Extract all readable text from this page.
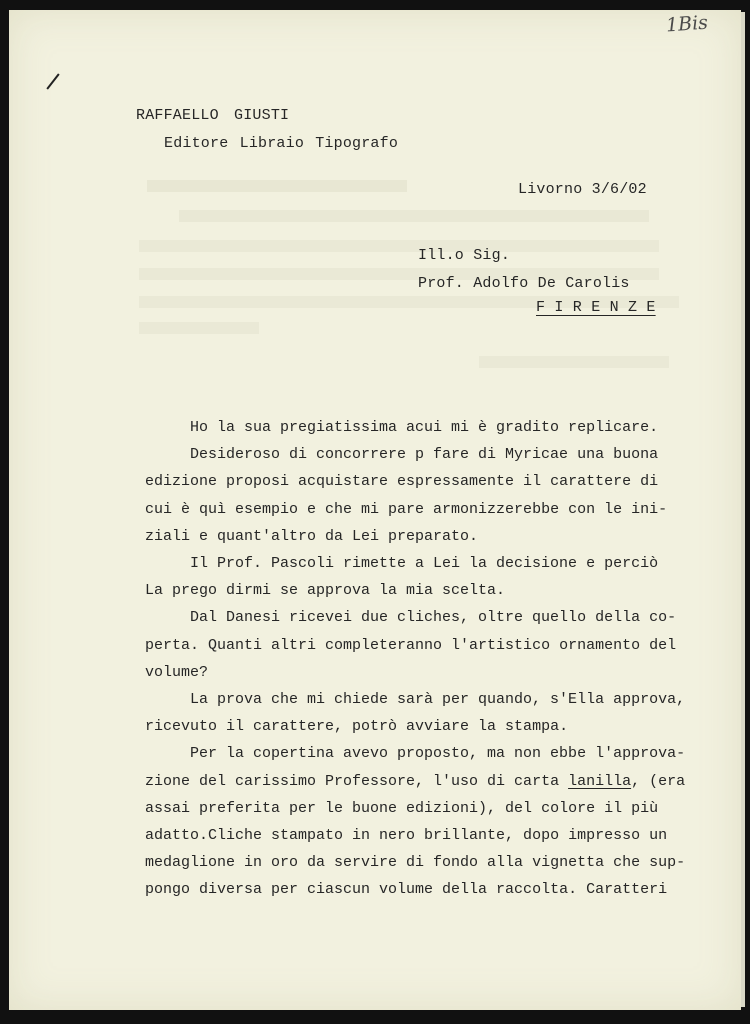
1Bis
RAFFAELLO GIUSTI
Editore Libraio Tipografo
Livorno 3/6/02
Ill.o Sig.
Prof. Adolfo De Carolis
F I R E N Z E
Ho la sua pregiatissima acui mi è gradito replicare.
Desideroso di concorrere p fare di Myricae una buona
edizione proposi acquistare espressamente il carattere di
cui è quì esempio e che mi pare armonizzerebbe con le ini-
ziali e quant'altro da Lei preparato.
Il Prof. Pascoli rimette a Lei la decisione e perciò
La prego dirmi se approva la mia scelta.
Dal Danesi ricevei due cliches, oltre quello della co-
perta. Quanti altri completeranno l'artistico ornamento del
volume?
La prova che mi chiede sarà per quando, s'Ella approva,
ricevuto il carattere, potrò avviare la stampa.
Per la copertina avevo proposto, ma non ebbe l'approva-
zione del carissimo Professore, l'uso di carta lanilla, (era
assai preferita per le buone edizioni), del colore il più
adatto.Cliche stampato in nero brillante, dopo impresso un
medaglione in oro da servire di fondo alla vignetta che sup-
pongo diversa per ciascun volume della raccolta. Caratteri
